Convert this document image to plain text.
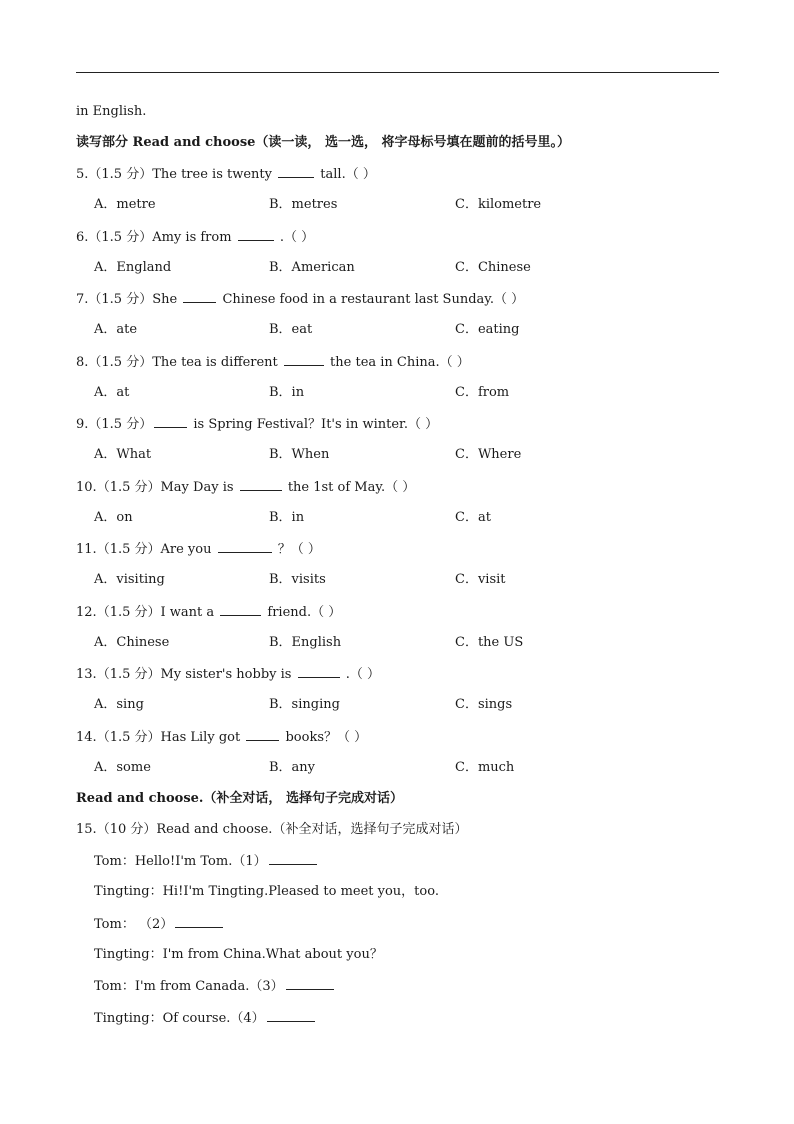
in English.
读写部分 Read and choose（读一读， 选一选， 将字母标号填在题前的括号里。）
5.（1.5 分）The tree is twenty	tall.（ ）
A．metre	B．metres	C．kilometre
6.（1.5 分）Amy is from	.（ ）
A．England	B．American	C．Chinese
7.（1.5 分）She	Chinese food in a restaurant last Sunday.（ ）
A．ate	B．eat	C．eating
8.（1.5 分）The tea is different	the tea in China.（ ）
A．at	B．in	C．from
9.（1.5 分）	is Spring Festival？It's in winter.（ ）
A．What	B．When	C．Where
10.（1.5 分）May Day is	the 1st of May.（ ）
A．on	B．in	C．at
11.（1.5 分）Are you	？（ ）
A．visiting	B．visits	C．visit
12.（1.5 分）I want a	friend.（ ）
A．Chinese	B．English	C．the US
13.（1.5 分）My sister's hobby is	.（ ）
A．sing	B．singing	C．sings
14.（1.5 分）Has Lily got	books？（ ）
A．some	B．any	C．much
Read and choose.（补全对话， 选择句子完成对话）
15.（10 分）Read and choose.（补全对话，选择句子完成对话）
Tom：Hello!I'm Tom.（1）
Tingting：Hi!I'm Tingting.Pleased to meet you，too.
Tom： （2）
Tingting：I'm from China.What about you？
Tom：I'm from Canada.（3）
Tingting：Of course.（4）
